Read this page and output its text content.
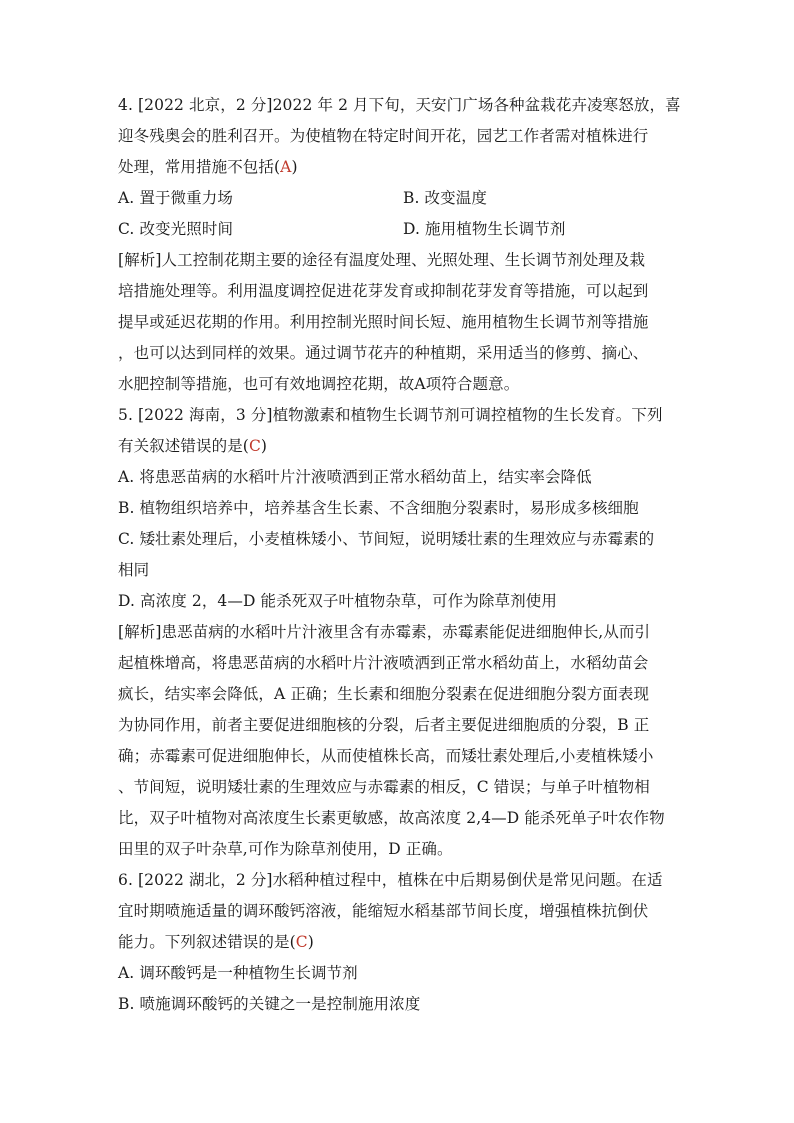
4. [2022 北京，2 分]2022 年 2 月下旬，天安门广场各种盆栽花卉凌寒怒放，喜
迎冬残奥会的胜利召开。为使植物在特定时间开花，园艺工作者需对植株进行
处理，常用措施不包括(A)
A. 置于微重力场	B. 改变温度
C. 改变光照时间	D. 施用植物生长调节剂
[解析]人工控制花期主要的途径有温度处理、光照处理、生长调节剂处理及栽
培措施处理等。利用温度调控促进花芽发育或抑制花芽发育等措施，可以起到
提早或延迟花期的作用。利用控制光照时间长短、施用植物生长调节剂等措施
，也可以达到同样的效果。通过调节花卉的种植期，采用适当的修剪、摘心、
水肥控制等措施，也可有效地调控花期，故A项符合题意。
5. [2022 海南，3 分]植物激素和植物生长调节剂可调控植物的生长发育。下列
有关叙述错误的是(C)
A. 将患恶苗病的水稻叶片汁液喷洒到正常水稻幼苗上，结实率会降低
B. 植物组织培养中，培养基含生长素、不含细胞分裂素时，易形成多核细胞
C. 矮壮素处理后，小麦植株矮小、节间短，说明矮壮素的生理效应与赤霉素的
相同
D. 高浓度 2，4—D 能杀死双子叶植物杂草，可作为除草剂使用
[解析]患恶苗病的水稻叶片汁液里含有赤霉素，赤霉素能促进细胞伸长,从而引
起植株增高，将患恶苗病的水稻叶片汁液喷洒到正常水稻幼苗上，水稻幼苗会
疯长，结实率会降低，A 正确；生长素和细胞分裂素在促进细胞分裂方面表现
为协同作用，前者主要促进细胞核的分裂，后者主要促进细胞质的分裂，B 正
确；赤霉素可促进细胞伸长，从而使植株长高，而矮壮素处理后,小麦植株矮小
、节间短，说明矮壮素的生理效应与赤霉素的相反，C 错误；与单子叶植物相
比，双子叶植物对高浓度生长素更敏感，故高浓度 2,4—D 能杀死单子叶农作物
田里的双子叶杂草,可作为除草剂使用，D 正确。
6. [2022 湖北，2 分]水稻种植过程中，植株在中后期易倒伏是常见问题。在适
宜时期喷施适量的调环酸钙溶液，能缩短水稻基部节间长度，增强植株抗倒伏
能力。下列叙述错误的是(C)
A. 调环酸钙是一种植物生长调节剂
B. 喷施调环酸钙的关键之一是控制施用浓度
